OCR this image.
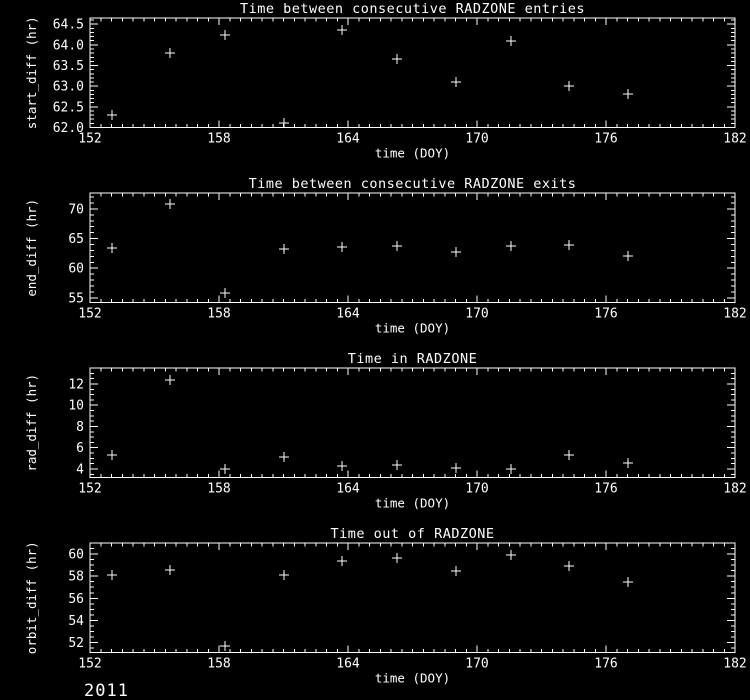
Time between consecutive RADZONE entries
152	158	164	170	176	182
62.0
62.5
63.0
63.5
64.0
64.5
time (DOY)
start_diff (hr)
Time between consecutive RADZONE exits
152	158	164	170	176	182
55
60
65
70
time (DOY)
end_diff (hr)
Time in RADZONE
152	158	164	170	176	182
4
6
8
10
12
time (DOY)
rad_diff (hr)
Time out of RADZONE
152	158	164	170	176	182
52
54
56
58
60
time (DOY)
orbit_diff (hr)
2011
